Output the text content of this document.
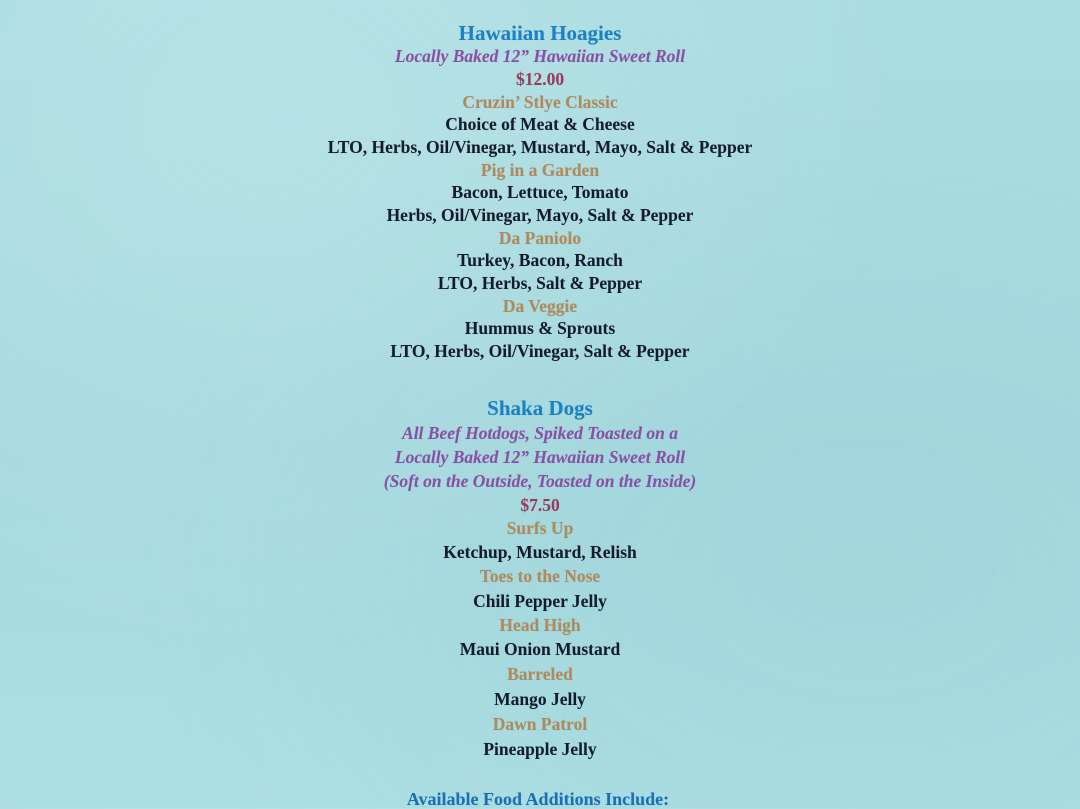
Hawaiian Hoagies
Locally Baked 12” Hawaiian Sweet Roll
$12.00
Cruzin’ Stlye Classic
Choice of Meat & Cheese
LTO, Herbs, Oil/Vinegar, Mustard, Mayo, Salt & Pepper
Pig in a Garden
Bacon, Lettuce, Tomato
Herbs, Oil/Vinegar, Mayo, Salt & Pepper
Da Paniolo
Turkey, Bacon, Ranch
LTO, Herbs, Salt & Pepper
Da Veggie
Hummus & Sprouts
LTO, Herbs, Oil/Vinegar, Salt & Pepper
Shaka Dogs
All Beef Hotdogs, Spiked Toasted on a
Locally Baked 12” Hawaiian Sweet Roll
(Soft on the Outside, Toasted on the Inside)
$7.50
Surfs Up
Ketchup, Mustard, Relish
Toes to the Nose
Chili Pepper Jelly
Head High
Maui Onion Mustard
Barreled
Mango Jelly
Dawn Patrol
Pineapple Jelly
Available Food Additions Include:
